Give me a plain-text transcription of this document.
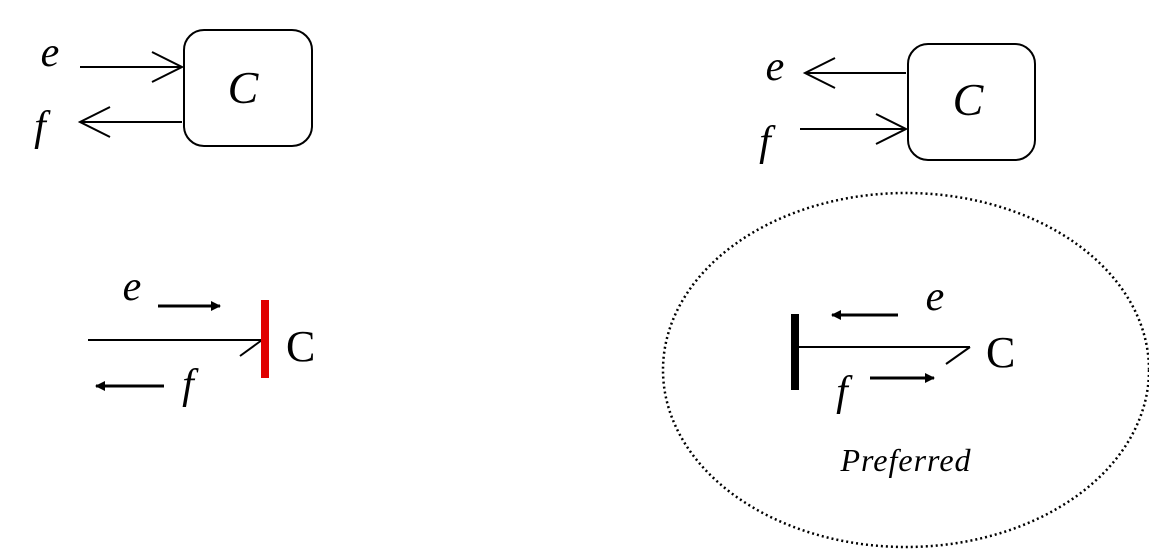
C
e
f
C
e
f
e
C
f
e
C
f
Preferred
